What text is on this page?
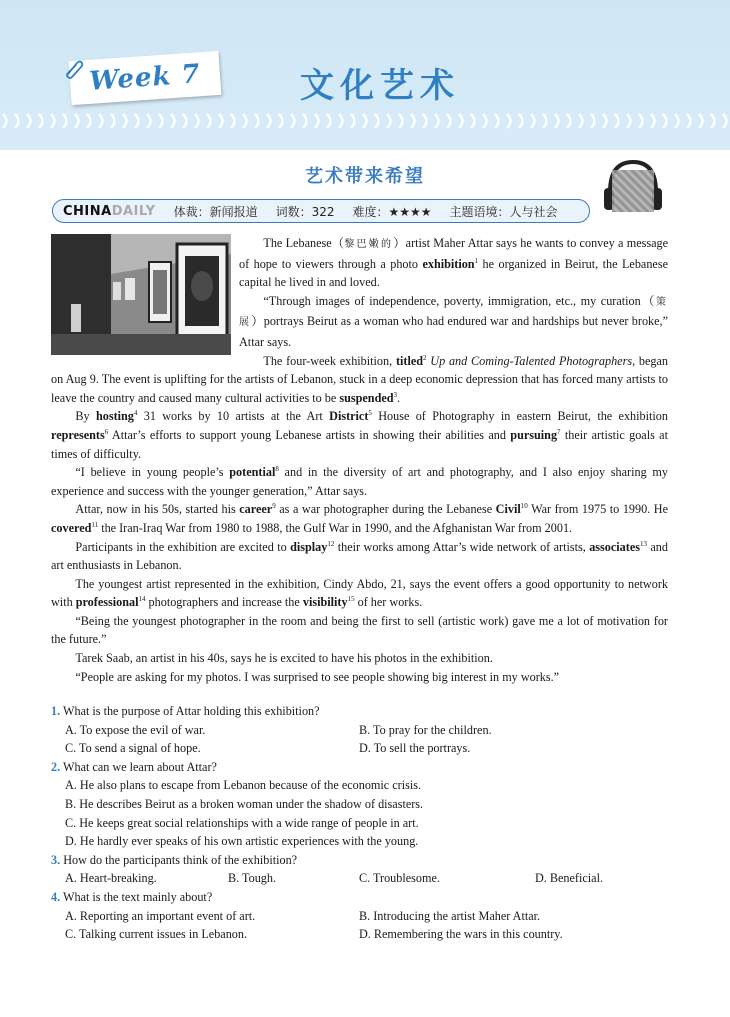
Week 7	文化艺术
艺术带来希望
CHINADAILY 体裁：新闻报道 词数：322 难度：★★★★ 主题语境：人与社会

The Lebanese（黎巴嫩的）artist Maher Attar says he wants to convey a message of hope to viewers through a photo exhibition$^1$ he organized in Beirut, the Lebanese capital he lived in and loved.

“Through images of independence, poverty, immigration, etc., my curation（策展）portrays Beirut as a woman who had endured war and hardships but never broke,” Attar says.

The four-week exhibition, titled$^2$ Up and Coming-Talented Photographers, began on Aug 9. The event is uplifting for the artists of Lebanon, stuck in a deep economic depression that has forced many artists to leave the country and caused many cultural activities to be suspended$^3$.

By hosting$^4$ 31 works by 10 artists at the Art District$^5$ House of Photography in eastern Beirut, the exhibition represents$^6$ Attar’s efforts to support young Lebanese artists in showing their abilities and pursuing$^7$ their artistic goals at times of difficulty.

“I believe in young people’s potential$^8$ and in the diversity of art and photography, and I also enjoy sharing my experience and success with the younger generation,” Attar says.

Attar, now in his 50s, started his career$^9$ as a war photographer during the Lebanese Civil$^{10}$ War from 1975 to 1990. He covered$^{11}$ the Iran-Iraq War from 1980 to 1988, the Gulf War in 1990, and the Afghanistan War from 2001.

Participants in the exhibition are excited to display$^{12}$ their works among Attar’s wide network of artists, associates$^{13}$ and art enthusiasts in Lebanon.

The youngest artist represented in the exhibition, Cindy Abdo, 21, says the event offers a good opportunity to network with professional$^{14}$ photographers and increase the visibility$^{15}$ of her works.

“Being the youngest photographer in the room and being the first to sell (artistic work) gave me a lot of motivation for the future.”

Tarek Saab, an artist in his 40s, says he is excited to have his photos in the exhibition.

“People are asking for my photos. I was surprised to see people showing big interest in my works.”

1. What is the purpose of Attar holding this exhibition?
A. To expose the evil of war.	B. To pray for the children.
C. To send a signal of hope.	D. To sell the portrays.
2. What can we learn about Attar?
A. He also plans to escape from Lebanon because of the economic crisis.
B. He describes Beirut as a broken woman under the shadow of disasters.
C. He keeps great social relationships with a wide range of people in art.
D. He hardly ever speaks of his own artistic experiences with the young.
3. How do the participants think of the exhibition?
A. Heart-breaking.	B. Tough.	C. Troublesome.	D. Beneficial.
4. What is the text mainly about?
A. Reporting an important event of art.	B. Introducing the artist Maher Attar.
C. Talking current issues in Lebanon.	D. Remembering the wars in this country.
